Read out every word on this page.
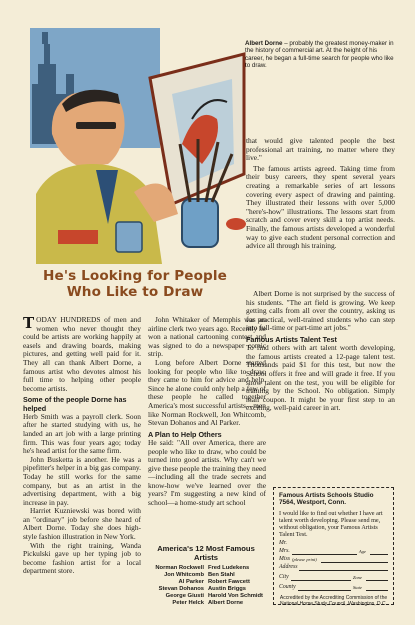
Albert Dorne – probably the greatest money-maker in the history of commercial art. At the height of his career, he began a full-time search for people who like to draw.

that would give talented people the best professional art training, no matter where they live."

The famous artists agreed. Taking time from their busy careers, they spent several years creating a remarkable series of art lessons covering every aspect of drawing and painting. They illustrated their lessons with over 5,000 "here's-how" illustrations. The lessons start from scratch and cover every skill a top artist needs. Finally, the famous artists developed a wonderful way to give each student personal correction and advice all through his training.

He's Looking for People Who Like to Draw

TODAY HUNDREDS of men and women who never thought they could be artists are working happily at easels and drawing boards, making pictures, and getting well paid for it. They all can thank Albert Dorne, a famous artist who devotes almost his full time to helping other people become artists.

Some of the people Dorne has helped

Herb Smith was a payroll clerk. Soon after he started studying with us, he landed an art job with a large printing firm. This was four years ago; today he's head artist for the same firm.

John Busketta is another. He was a pipefitter's helper in a big gas company. Today he still works for the same company, but as an artist in the advertising department, with a big increase in pay.

Harriet Kuzniewski was bored with an "ordinary" job before she heard of Albert Dorne. Today she does high-style fashion illustration in New York.

With the right training, Wanda Pickulski gave up her typing job to become fashion artist for a local department store.

John Whitaker of Memphis was an airline clerk two years ago. Recently he won a national cartooning contest and was signed to do a newspaper comic strip.

Long before Albert Dorne started looking for people who like to draw, they came to him for advice and help. Since he alone could only help a few of these people he called together America's most successful artists—men like Norman Rockwell, Jon Whitcomb, Stevan Dohanos and Al Parker.

A Plan to Help Others

He said: "All over America, there are people who like to draw, who could be turned into good artists. Why can't we give these people the training they need—including all the trade secrets and know-how we've learned over the years? I'm suggesting a new kind of school—a home-study art school

Albert Dorne is not surprised by the success of his students. "The art field is growing. We keep getting calls from all over the country, asking us for practical, well-trained students who can step into full-time or part-time art jobs."

Famous Artists Talent Test

To find others with art talent worth developing, the famous artists created a 12-page talent test. Thousands paid $1 for this test, but now the School offers it free and will grade it free. If you show talent on the test, you will be eligible for training by the School. No obligation. Simply mail coupon. It might be your first step to an exciting, well-paid career in art.

America's 12 Most Famous Artists
Norman Rockwell Fred Ludekens
Jon Whitcomb Ben Stahl
Al Parker Robert Fawcett
Stevan Dohanos Austin Briggs
George Giusti Harold Von Schmidt
Peter Helck Albert Dorne
Famous Artists Schools Studio 7564, Westport, Conn.
I would like to find out whether I have art talent worth developing. Please send me, without obligation, your Famous Artists Talent Test.
Mr.
Mrs.	Age
Miss (please print)
Address
City	Zone
County	State
Accredited by the Accrediting Commission of the National Home Study Council, Washington, D.C.
